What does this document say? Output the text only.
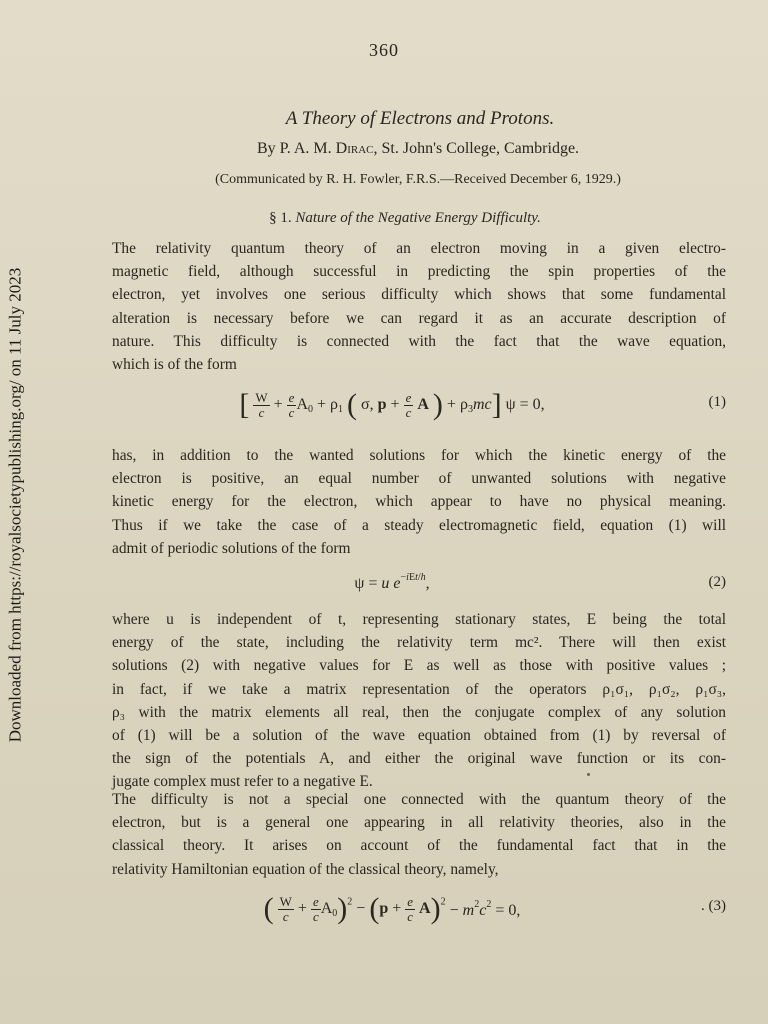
Downloaded from https://royalsocietypublishing.org/ on 11 July 2023
360
A Theory of Electrons and Protons.
By P. A. M. Dirac, St. John's College, Cambridge.
(Communicated by R. H. Fowler, F.R.S.—Received December 6, 1929.)
§ 1. Nature of the Negative Energy Difficulty.

The relativity quantum theory of an electron moving in a given electro-
magnetic field, although successful in predicting the spin properties of the
electron, yet involves one serious difficulty which shows that some fundamental
alteration is necessary before we can regard it as an accurate description of
nature. This difficulty is connected with the fact that the wave equation,
which is of the form

[ $\frac{W}{c} + \frac{e}{c} A_0 + \rho_1$ ( σ, $p + \frac{e}{c}$ A ) + $\rho_3mc$] ψ = 0,	(1)

has, in addition to the wanted solutions for which the kinetic energy of the
electron is positive, an equal number of unwanted solutions with negative
kinetic energy for the electron, which appear to have no physical meaning.
Thus if we take the case of a steady electromagnetic field, equation (1) will
admit of periodic solutions of the form

ψ = u $e^{-iEt/h}$,	(2)

where u is independent of t, representing stationary states, E being the total
energy of the state, including the relativity term mc². There will then exist
solutions (2) with negative values for E as well as those with positive values ;
in fact, if we take a matrix representation of the operators ρ₁σ₁, ρ₁σ₂, ρ₁σ₃,
ρ₃ with the matrix elements all real, then the conjugate complex of any solution
of (1) will be a solution of the wave equation obtained from (1) by reversal of
the sign of the potentials A, and either the original wave function or its con-
jugate complex must refer to a negative E.

The difficulty is not a special one connected with the quantum theory of the
electron, but is a general one appearing in all relativity theories, also in the
classical theory. It arises on account of the fundamental fact that in the
relativity Hamiltonian equation of the classical theory, namely,

( $\frac{W}{c} + \frac{e}{c} A_0)^2 - (p + \frac{e}{c} A)^2 - m^2c^2 = 0$,	. (3)
